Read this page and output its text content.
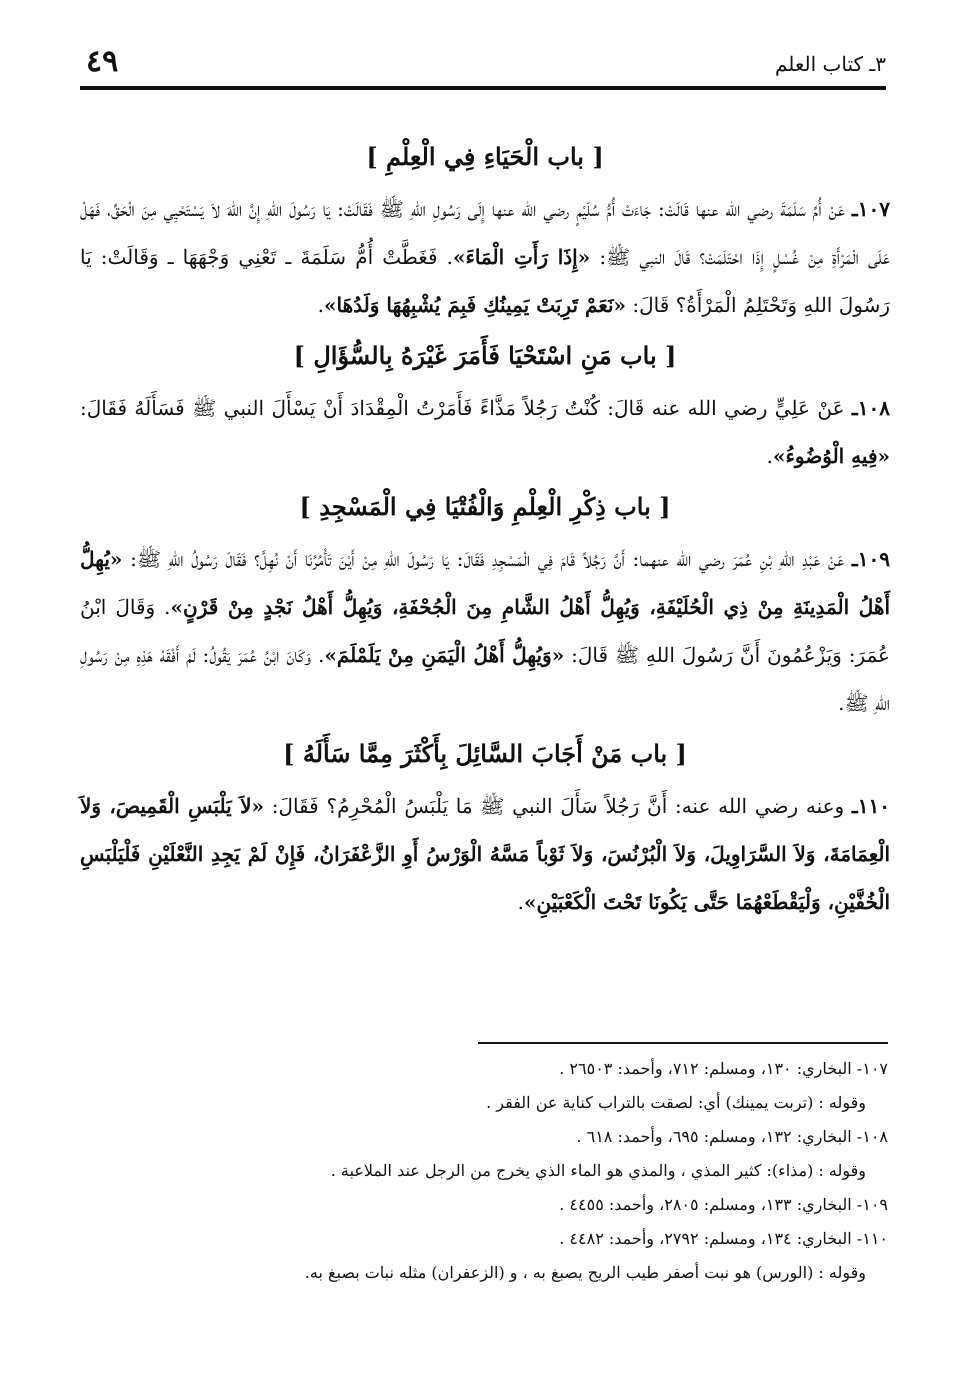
٣ـ كتاب العلم
٤٩
[ باب الْحَيَاءِ فِي الْعِلْمِ ]

١٠٧ـ عَنْ أُمِّ سَلَمَةَ رضي الله عنها قَالَتْ: جَاءَتْ أُمُّ سُلَيْمٍ رضي الله عنها إِلَى رَسُولِ اللهِ ﷺ فَقَالَتْ: يَا رَسُولَ اللهِ إِنَّ اللهَ لاَ يَسْتَحْيِي مِنَ الْحَقِّ، فَهَلْ عَلَى الْمَرْأَةِ مِنْ غُسْلٍ إِذَا احْتَلَمَتْ؟ قَالَ النبي ﷺ: «إِذَا رَأَتِ الْمَاءَ». فَغَطَّتْ أُمُّ سَلَمَةَ ـ تَعْنِي وَجْهَهَا ـ وَقَالَتْ: يَا رَسُولَ اللهِ وَتَحْتَلِمُ الْمَرْأَةُ؟ قَالَ: «نَعَمْ تَرِبَتْ يَمِينُكِ فَبِمَ يُشْبِهُهَا وَلَدُهَا».

[ باب مَنِ اسْتَحْيَا فَأَمَرَ غَيْرَهُ بِالسُّؤَالِ ]

١٠٨ـ عَنْ عَلِيٍّ رضي الله عنه قَالَ: كُنْتُ رَجُلاً مَذَّاءً فَأَمَرْتُ الْمِقْدَادَ أَنْ يَسْأَلَ النبي ﷺ فَسَأَلَهُ فَقَالَ: «فِيهِ الْوُضُوءُ».

[ باب ذِكْرِ الْعِلْمِ وَالْفُتْيَا فِي الْمَسْجِدِ ]

١٠٩ـ عَنْ عَبْدِ اللهِ بْنِ عُمَرَ رضي الله عنهما: أَنَّ رَجُلاً قَامَ فِي الْمَسْجِدِ فَقَالَ: يَا رَسُولَ اللهِ مِنْ أَيْنَ تَأْمُرُنَا أَنْ نُهِلَّ؟ فَقَالَ رَسُولُ اللهِ ﷺ: «يُهِلُّ أَهْلُ الْمَدِينَةِ مِنْ ذِي الْحُلَيْفَةِ، وَيُهِلُّ أَهْلُ الشَّامِ مِنَ الْجُحْفَةِ، وَيُهِلُّ أَهْلُ نَجْدٍ مِنْ قَرْنٍ». وَقَالَ ابْنُ عُمَرَ: وَيَزْعُمُونَ أَنَّ رَسُولَ اللهِ ﷺ قَالَ: «وَيُهِلُّ أَهْلُ الْيَمَنِ مِنْ يَلَمْلَمَ». وَكَانَ ابْنُ عُمَرَ يَقُولُ: لَمْ أَفْقَهْ هَذِهِ مِنْ رَسُولِ اللهِ ﷺ.

[ باب مَنْ أَجَابَ السَّائِلَ بِأَكْثَرَ مِمَّا سَأَلَهُ ]

١١٠ـ وعنه رضي الله عنه: أَنَّ رَجُلاً سَأَلَ النبي ﷺ مَا يَلْبَسُ الْمُحْرِمُ؟ فَقَالَ: «لاَ يَلْبَسِ الْقَمِيصَ، وَلاَ الْعِمَامَةَ، وَلاَ السَّرَاوِيلَ، وَلاَ الْبُرْنُسَ، وَلاَ ثَوْباً مَسَّهُ الْوَرْسُ أَوِ الزَّعْفَرَانُ، فَإِنْ لَمْ يَجِدِ النَّعْلَيْنِ فَلْيَلْبَسِ الْخُفَّيْنِ، وَلْيَقْطَعْهُمَا حَتَّى يَكُونَا تَحْتَ الْكَعْبَيْنِ».

١٠٧- البخاري: ١٣٠، ومسلم: ٧١٢، وأحمد: ٢٦٥٠٣ .
وقوله : (تربت يمينك) أي: لصقت بالتراب كناية عن الفقر .
١٠٨- البخاري: ١٣٢، ومسلم: ٦٩٥، وأحمد: ٦١٨ .
وقوله : (مذاء): كثير المذي ، والمذي هو الماء الذي يخرج من الرجل عند الملاعبة .
١٠٩- البخاري: ١٣٣، ومسلم: ٢٨٠٥، وأحمد: ٤٤٥٥ .
١١٠- البخاري: ١٣٤، ومسلم: ٢٧٩٢، وأحمد: ٤٤٨٢ .
وقوله : (الورس) هو نبت أصفر طيب الريح يصبغ به ، و (الزعفران) مثله نبات بصبغ به.
